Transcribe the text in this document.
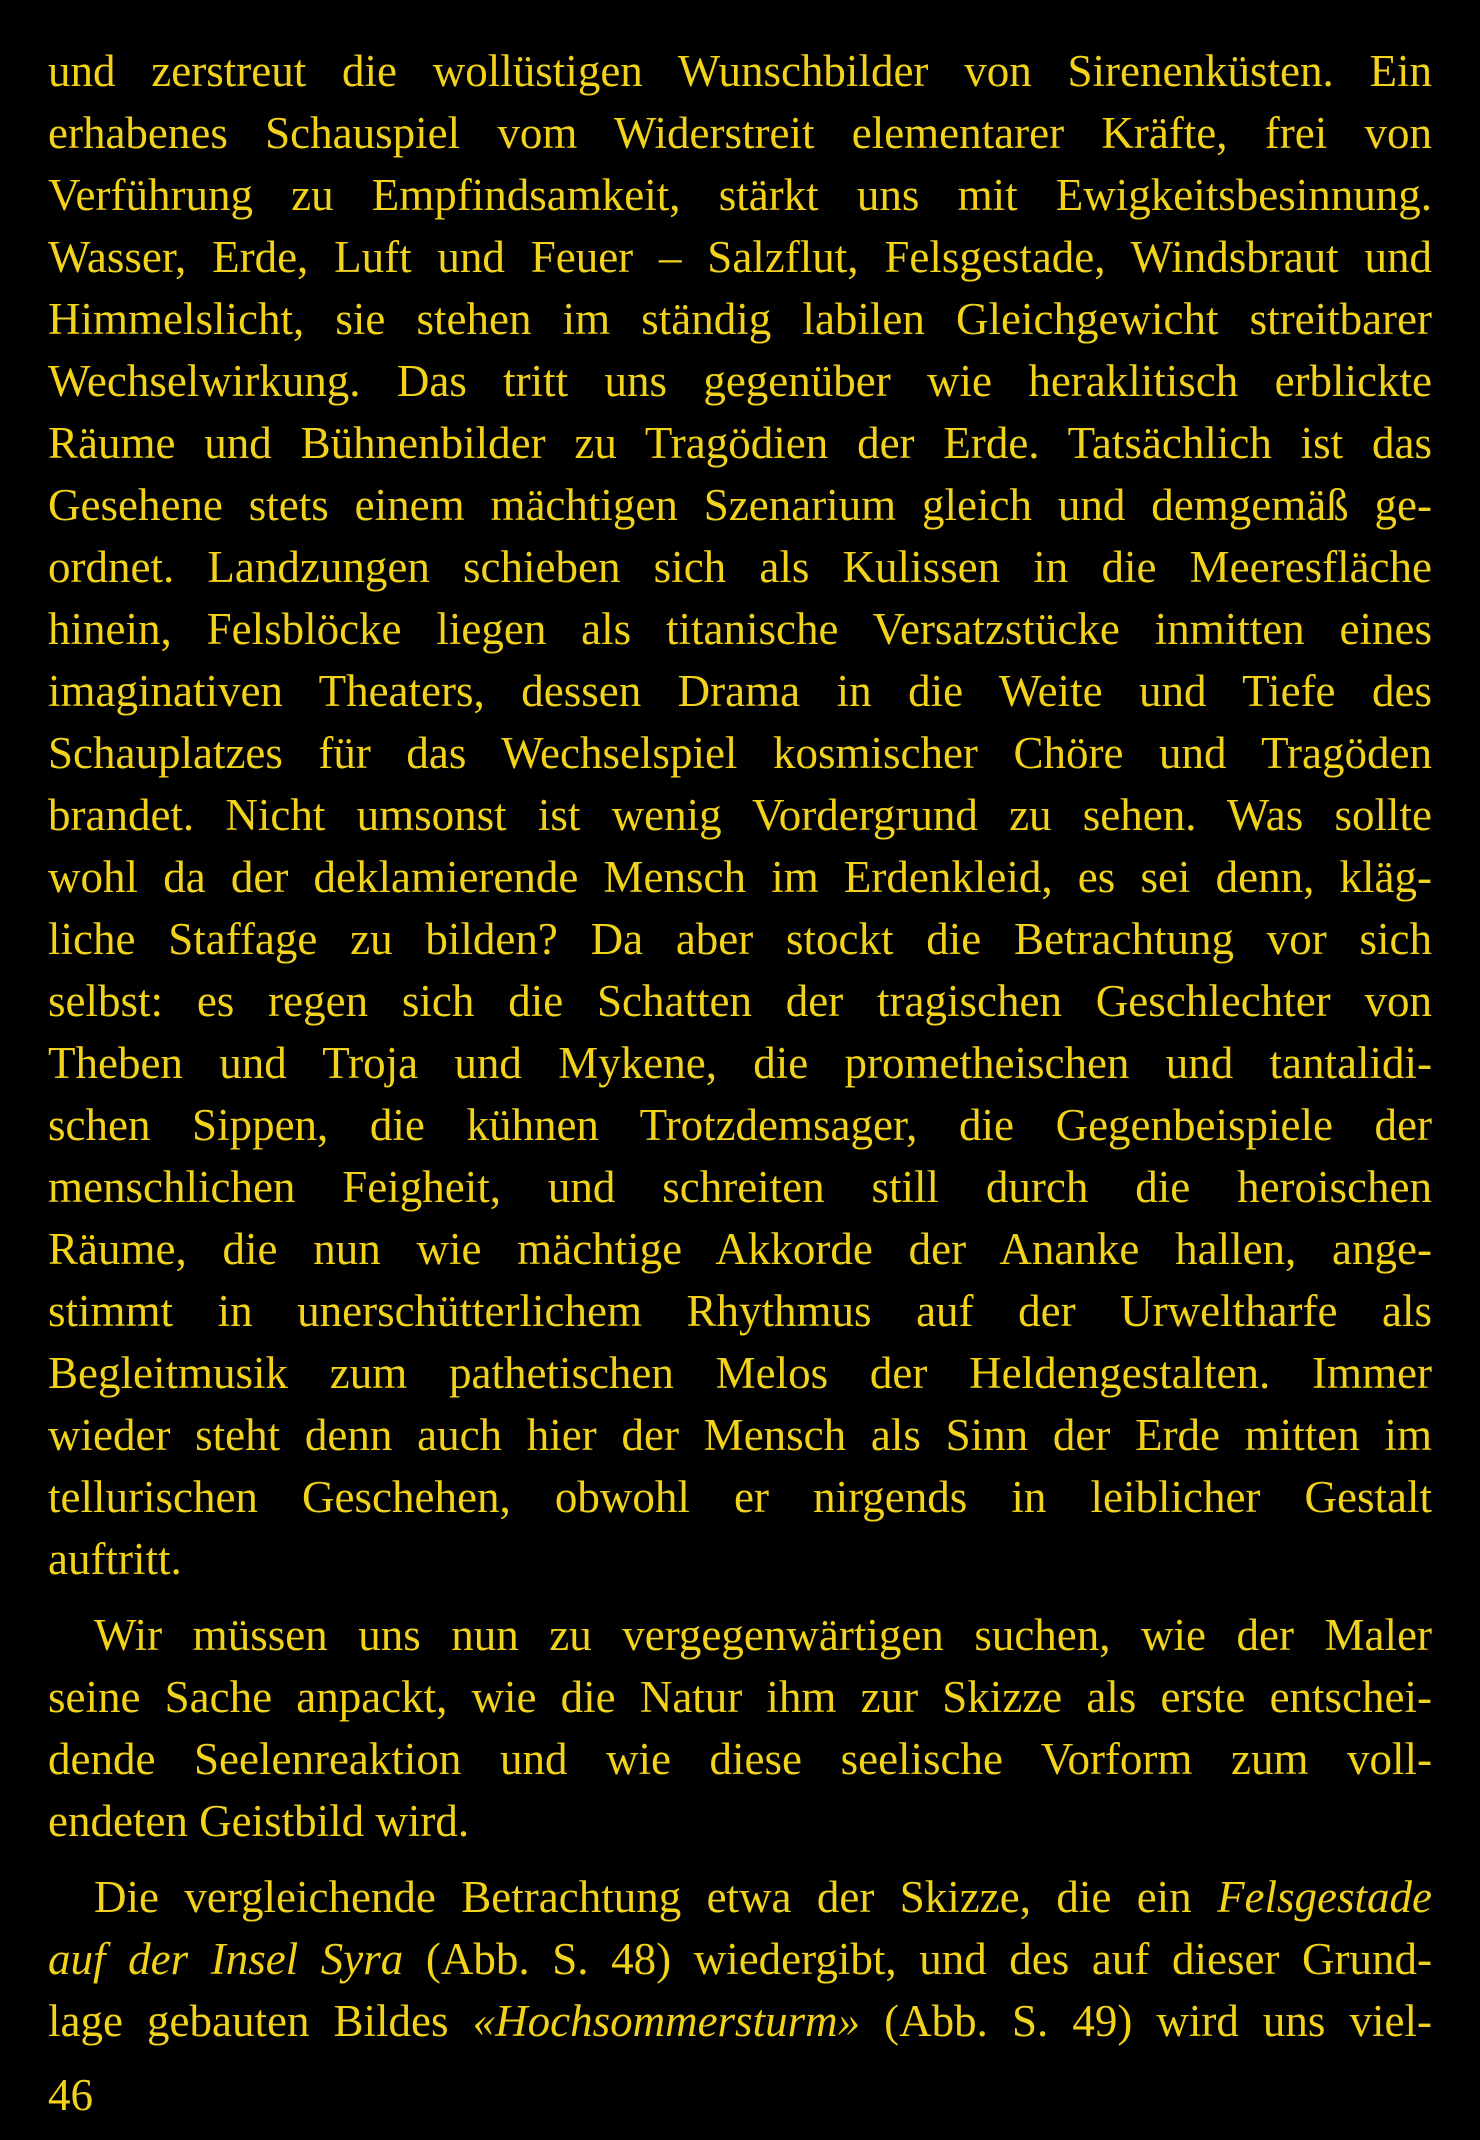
und zerstreut die wollüstigen Wunschbilder von Sirenenküsten. Ein
erhabenes Schauspiel vom Widerstreit elementarer Kräfte, frei von
Verführung zu Empfindsamkeit, stärkt uns mit Ewigkeitsbesinnung.
Wasser, Erde, Luft und Feuer – Salzflut, Felsgestade, Windsbraut und
Himmelslicht, sie stehen im ständig labilen Gleichgewicht streitbarer
Wechselwirkung. Das tritt uns gegenüber wie heraklitisch erblickte
Räume und Bühnenbilder zu Tragödien der Erde. Tatsächlich ist das
Gesehene stets einem mächtigen Szenarium gleich und demgemäß ge-
ordnet. Landzungen schieben sich als Kulissen in die Meeresfläche
hinein, Felsblöcke liegen als titanische Versatzstücke inmitten eines
imaginativen Theaters, dessen Drama in die Weite und Tiefe des
Schauplatzes für das Wechselspiel kosmischer Chöre und Tragöden
brandet. Nicht umsonst ist wenig Vordergrund zu sehen. Was sollte
wohl da der deklamierende Mensch im Erdenkleid, es sei denn, kläg-
liche Staffage zu bilden? Da aber stockt die Betrachtung vor sich
selbst: es regen sich die Schatten der tragischen Geschlechter von
Theben und Troja und Mykene, die prometheischen und tantalidi-
schen Sippen, die kühnen Trotzdemsager, die Gegenbeispiele der
menschlichen Feigheit, und schreiten still durch die heroischen
Räume, die nun wie mächtige Akkorde der Ananke hallen, ange-
stimmt in unerschütterlichem Rhythmus auf der Urweltharfe als
Begleitmusik zum pathetischen Melos der Heldengestalten. Immer
wieder steht denn auch hier der Mensch als Sinn der Erde mitten im
tellurischen Geschehen, obwohl er nirgends in leiblicher Gestalt
auftritt.

Wir müssen uns nun zu vergegenwärtigen suchen, wie der Maler
seine Sache anpackt, wie die Natur ihm zur Skizze als erste entschei-
dende Seelenreaktion und wie diese seelische Vorform zum voll-
endeten Geistbild wird.

Die vergleichende Betrachtung etwa der Skizze, die ein Felsgestade
auf der Insel Syra (Abb. S. 48) wiedergibt, und des auf dieser Grund-
lage gebauten Bildes «Hochsommersturm» (Abb. S. 49) wird uns viel-

46
